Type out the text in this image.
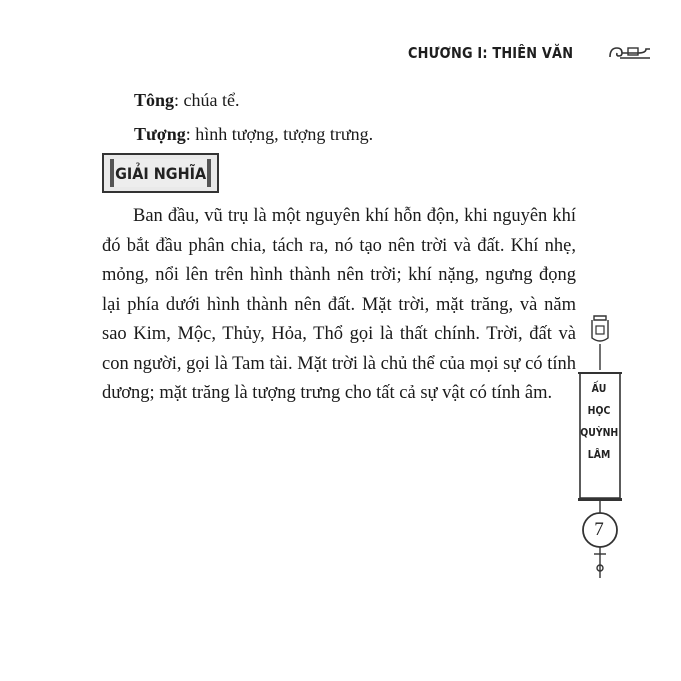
CHƯƠNG I: THIÊN VĂN
Tông: chúa tể.
Tượng: hình tượng, tượng trưng.
GIẢI NGHĨA

Ban đầu, vũ trụ là một nguyên khí hỗn độn, khi nguyên khí đó bắt đầu phân chia, tách ra, nó tạo nên trời và đất. Khí nhẹ, mỏng, nổi lên trên hình thành nên trời; khí nặng, ngưng đọng lại phía dưới hình thành nên đất. Mặt trời, mặt trăng, và năm sao Kim, Mộc, Thủy, Hỏa, Thổ gọi là thất chính. Trời, đất và con người, gọi là Tam tài. Mặt trời là chủ thể của mọi sự có tính dương; mặt trăng là tượng trưng cho tất cả sự vật có tính âm.	ẤU
HỌC
QUỲNH
LÂM
7
